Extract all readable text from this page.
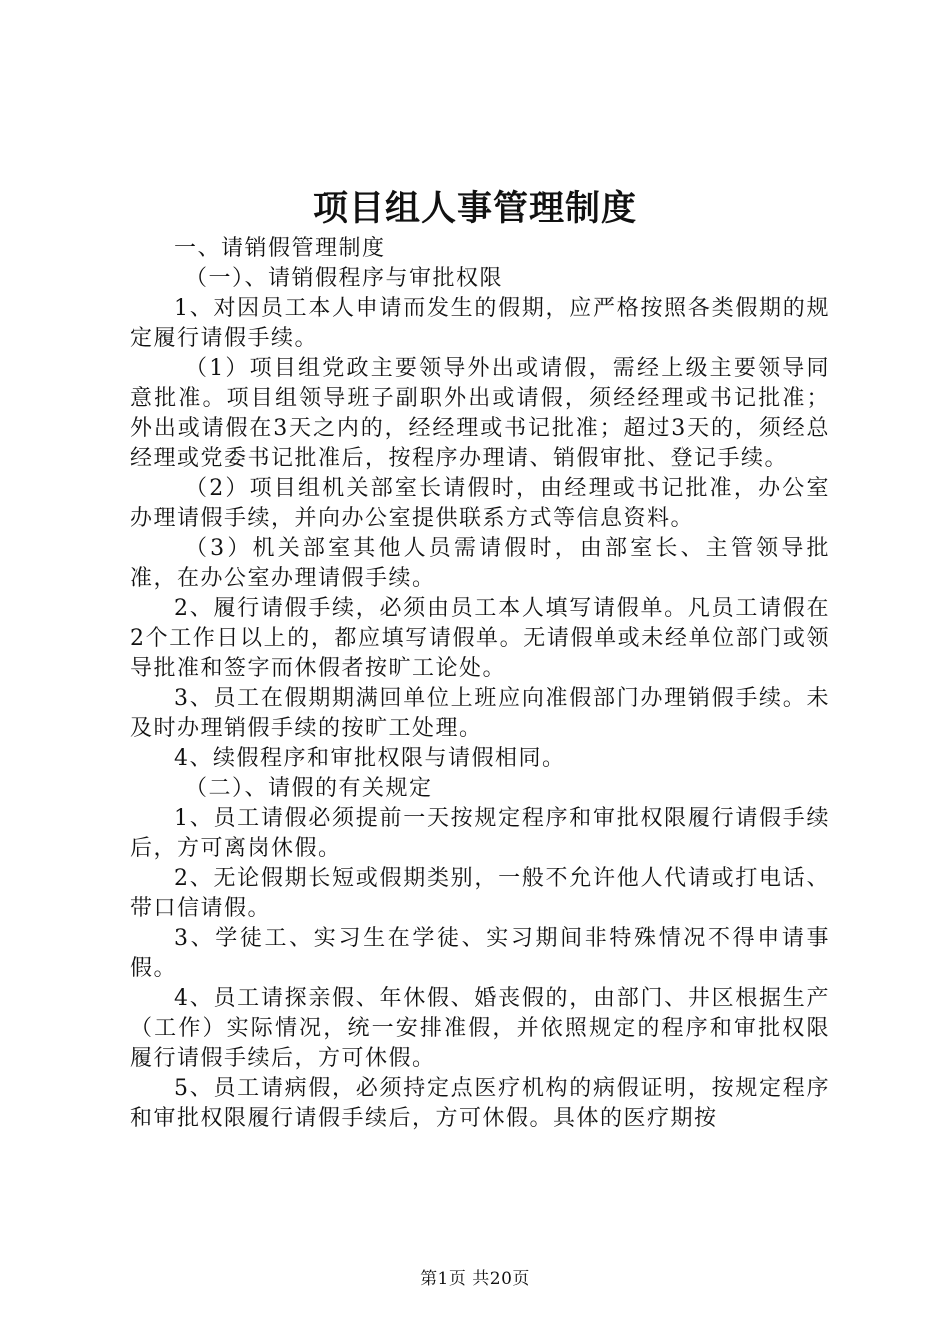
项目组人事管理制度

一、请销假管理制度

（一）、请销假程序与审批权限

1、对因员工本人申请而发生的假期，应严格按照各类假期的规定履行请假手续。

（1）项目组党政主要领导外出或请假，需经上级主要领导同意批准。项目组领导班子副职外出或请假，须经经理或书记批准；外出或请假在3天之内的，经经理或书记批准；超过3天的，须经总经理或党委书记批准后，按程序办理请、销假审批、登记手续。

（2）项目组机关部室长请假时，由经理或书记批准，办公室办理请假手续，并向办公室提供联系方式等信息资料。

（3）机关部室其他人员需请假时，由部室长、主管领导批准，在办公室办理请假手续。

2、履行请假手续，必须由员工本人填写请假单。凡员工请假在2个工作日以上的，都应填写请假单。无请假单或未经单位部门或领导批准和签字而休假者按旷工论处。

3、员工在假期期满回单位上班应向准假部门办理销假手续。未及时办理销假手续的按旷工处理。

4、续假程序和审批权限与请假相同。

（二）、请假的有关规定

1、员工请假必须提前一天按规定程序和审批权限履行请假手续后，方可离岗休假。

2、无论假期长短或假期类别，一般不允许他人代请或打电话、带口信请假。

3、学徒工、实习生在学徒、实习期间非特殊情况不得申请事假。

4、员工请探亲假、年休假、婚丧假的，由部门、井区根据生产（工作）实际情况，统一安排准假，并依照规定的程序和审批权限履行请假手续后，方可休假。

5、员工请病假，必须持定点医疗机构的病假证明，按规定程序和审批权限履行请假手续后，方可休假。具体的医疗期按

第1页 共20页
